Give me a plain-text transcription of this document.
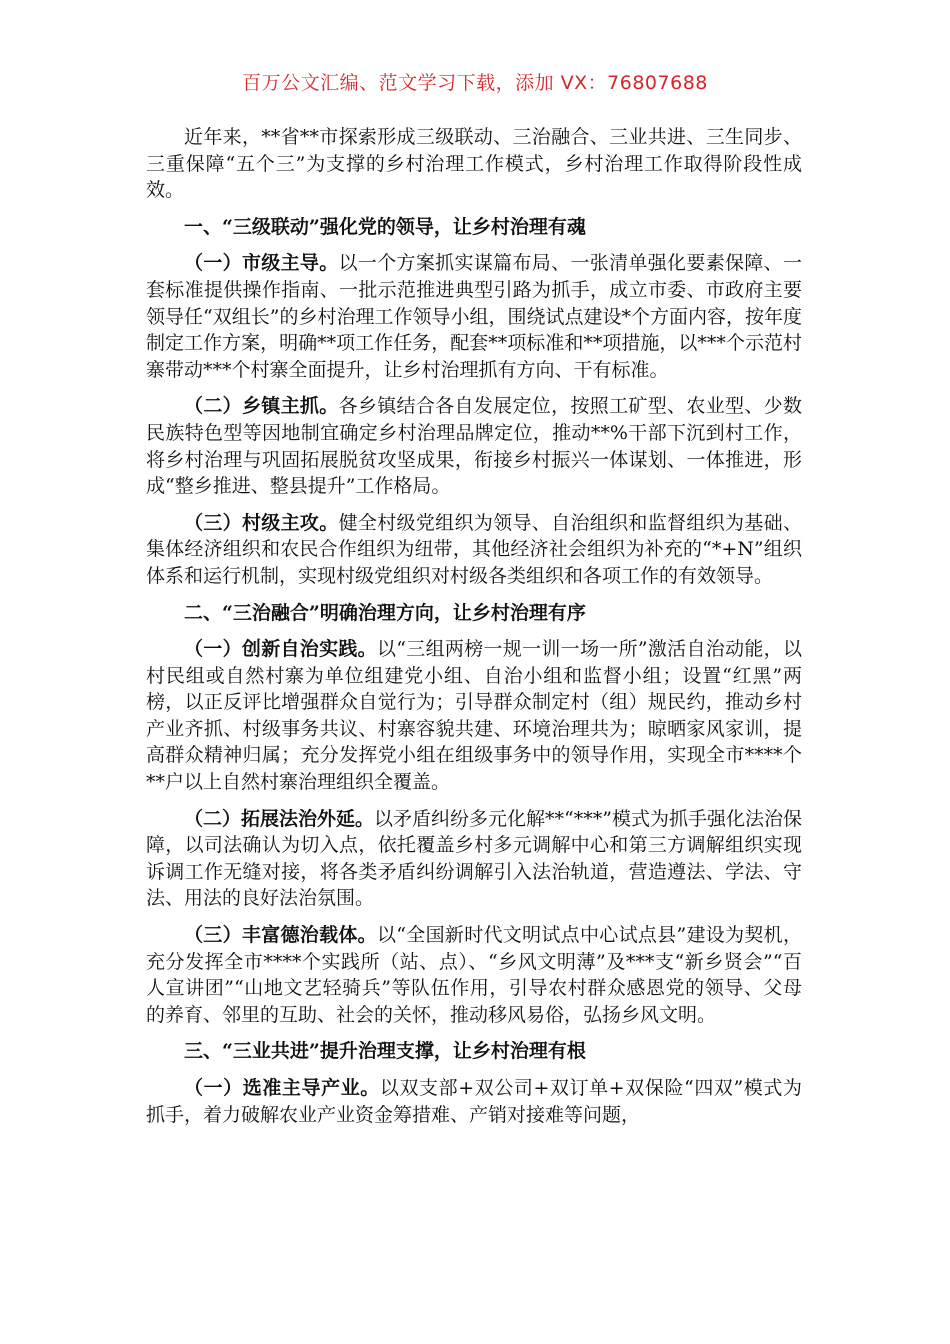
百万公文汇编、范文学习下载，添加 VX：76807688

近年来，**省**市探索形成三级联动、三治融合、三业共进、三生同步、三重保障“五个三”为支撑的乡村治理工作模式，乡村治理工作取得阶段性成效。

一、“三级联动”强化党的领导，让乡村治理有魂

（一）市级主导。以一个方案抓实谋篇布局、一张清单强化要素保障、一套标准提供操作指南、一批示范推进典型引路为抓手，成立市委、市政府主要领导任“双组长”的乡村治理工作领导小组，围绕试点建设*个方面内容，按年度制定工作方案，明确**项工作任务，配套**项标准和**项措施，以***个示范村寨带动***个村寨全面提升，让乡村治理抓有方向、干有标准。

（二）乡镇主抓。各乡镇结合各自发展定位，按照工矿型、农业型、少数民族特色型等因地制宜确定乡村治理品牌定位，推动**%干部下沉到村工作，将乡村治理与巩固拓展脱贫攻坚成果，衔接乡村振兴一体谋划、一体推进，形成“整乡推进、整县提升”工作格局。

（三）村级主攻。健全村级党组织为领导、自治组织和监督组织为基础、集体经济组织和农民合作组织为纽带，其他经济社会组织为补充的“*+N”组织体系和运行机制，实现村级党组织对村级各类组织和各项工作的有效领导。

二、“三治融合”明确治理方向，让乡村治理有序

（一）创新自治实践。以“三组两榜一规一训一场一所”激活自治动能，以村民组或自然村寨为单位组建党小组、自治小组和监督小组；设置“红黑”两榜，以正反评比增强群众自觉行为；引导群众制定村（组）规民约，推动乡村产业齐抓、村级事务共议、村寨容貌共建、环境治理共为；晾晒家风家训，提高群众精神归属；充分发挥党小组在组级事务中的领导作用，实现全市****个**户以上自然村寨治理组织全覆盖。

（二）拓展法治外延。以矛盾纠纷多元化解**“***”模式为抓手强化法治保障，以司法确认为切入点，依托覆盖乡村多元调解中心和第三方调解组织实现诉调工作无缝对接，将各类矛盾纠纷调解引入法治轨道，营造遵法、学法、守法、用法的良好法治氛围。

（三）丰富德治载体。以“全国新时代文明试点中心试点县”建设为契机，充分发挥全市****个实践所（站、点）、“乡风文明薄”及***支“新乡贤会”“百人宣讲团”“山地文艺轻骑兵”等队伍作用，引导农村群众感恩党的领导、父母的养育、邻里的互助、社会的关怀，推动移风易俗，弘扬乡风文明。

三、“三业共进”提升治理支撑，让乡村治理有根

（一）选准主导产业。以双支部+双公司+双订单+双保险“四双”模式为抓手，着力破解农业产业资金筹措难、产销对接难等问题，
